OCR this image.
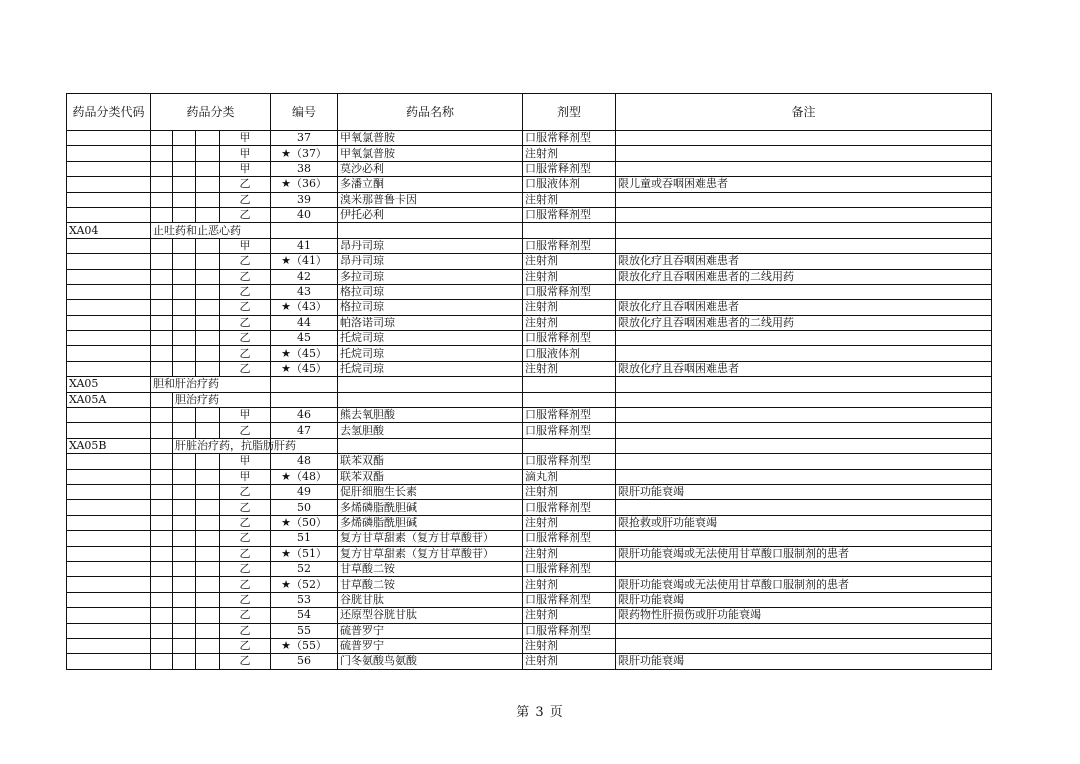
药品分类代码	药品分类				编号	药品名称	剂型	备注
				甲	37	甲氧氯普胺	口服常释剂型	
				甲	★（37）	甲氧氯普胺	注射剂	
				甲	38	莫沙必利	口服常释剂型	
				乙	★（36）	多潘立酮	口服液体剂	限儿童或吞咽困难患者
				乙	39	溴米那普鲁卡因	注射剂	
				乙	40	伊托必利	口服常释剂型	
XA04	止吐药和止恶心药							
				甲	41	昂丹司琼	口服常释剂型	
				乙	★（41）	昂丹司琼	注射剂	限放化疗且吞咽困难患者
				乙	42	多拉司琼	注射剂	限放化疗且吞咽困难患者的二线用药
				乙	43	格拉司琼	口服常释剂型	
				乙	★（43）	格拉司琼	注射剂	限放化疗且吞咽困难患者
				乙	44	帕洛诺司琼	注射剂	限放化疗且吞咽困难患者的二线用药
				乙	45	托烷司琼	口服常释剂型	
				乙	★（45）	托烷司琼	口服液体剂	
				乙	★（45）	托烷司琼	注射剂	限放化疗且吞咽困难患者
XA05	胆和肝治疗药							
XA05A		胆治疗药						
				甲	46	熊去氧胆酸	口服常释剂型	
				乙	47	去氢胆酸	口服常释剂型	
XA05B		肝脏治疗药，抗脂肪肝药						
				甲	48	联苯双酯	口服常释剂型	
				甲	★（48）	联苯双酯	滴丸剂	
				乙	49	促肝细胞生长素	注射剂	限肝功能衰竭
				乙	50	多烯磷脂酰胆碱	口服常释剂型	
				乙	★（50）	多烯磷脂酰胆碱	注射剂	限抢救或肝功能衰竭
				乙	51	复方甘草甜素（复方甘草酸苷）	口服常释剂型	
				乙	★（51）	复方甘草甜素（复方甘草酸苷）	注射剂	限肝功能衰竭或无法使用甘草酸口服制剂的患者
				乙	52	甘草酸二铵	口服常释剂型	
				乙	★（52）	甘草酸二铵	注射剂	限肝功能衰竭或无法使用甘草酸口服制剂的患者
				乙	53	谷胱甘肽	口服常释剂型	限肝功能衰竭
				乙	54	还原型谷胱甘肽	注射剂	限药物性肝损伤或肝功能衰竭
				乙	55	硫普罗宁	口服常释剂型	
				乙	★（55）	硫普罗宁	注射剂	
				乙	56	门冬氨酸鸟氨酸	注射剂	限肝功能衰竭
第 3 页
